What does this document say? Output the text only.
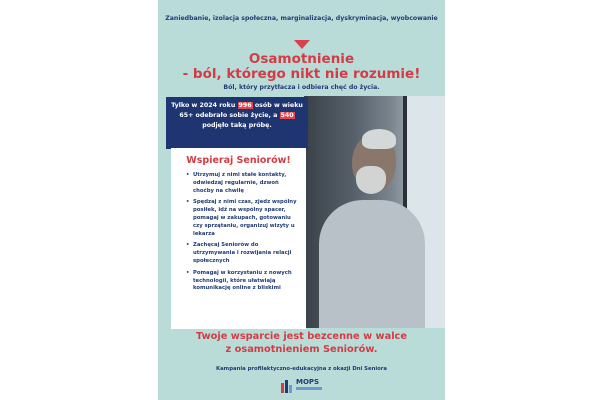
Zaniedbanie, izolacja społeczna, marginalizacja, dyskryminacja, wyobcowanie
Osamotnienie
- ból, którego nikt nie rozumie!
Ból, który przytłacza i odbiera chęć do życia.
Tylko w 2024 roku 996 osób w wieku 65+ odebrało sobie życie, a 540 podjęło taką próbę.
Wspieraj Seniorów!
• Utrzymuj z nimi stałe kontakty, odwiedzaj regularnie, dzwoń choćby na chwilę
• Spędzaj z nimi czas, zjedz wspólny posiłek, idź na wspólny spacer, pomagaj w zakupach, gotowaniu czy sprzątaniu, organizuj wizyty u lekarza
• Zachęcaj Seniorów do utrzymywania i rozwijania relacji społecznych
• Pomagaj w korzystaniu z nowych technologii, które ułatwiają komunikację online z bliskimi
Twoje wsparcie jest bezcenne w walce
z osamotnieniem Seniorów.
Kampania profilaktyczno-edukacyjna z okazji Dni Seniora
MOPS
